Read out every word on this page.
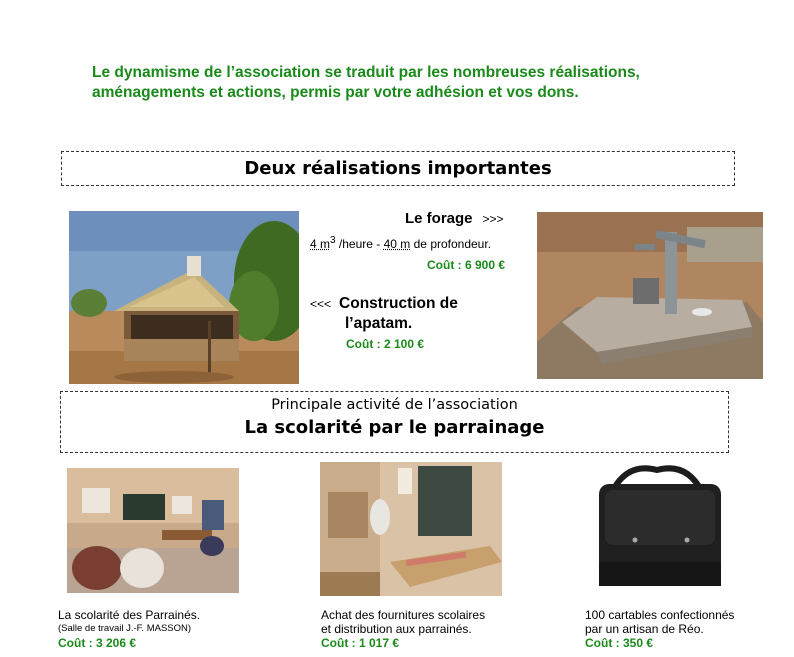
Le dynamisme de l’association se traduit par les nombreuses réalisations,
aménagements et actions, permis par votre adhésion et vos dons.
Deux réalisations importantes
Le forage >>>
4 $m^3$ /heure - 40 m de profondeur.
Coût : 6 900 €
<<< Construction de
l’apatam.
Coût : 2 100 €
Principale activité de l’association
La scolarité par le parrainage
La scolarité des Parrainés.
(Salle de travail J.-F. MASSON)
Coût : 3 206 €
Achat des fournitures scolaires
et distribution aux parrainés.
Coût : 1 017 €
100 cartables confectionnés
par un artisan de Réo.
Coût : 350 €
